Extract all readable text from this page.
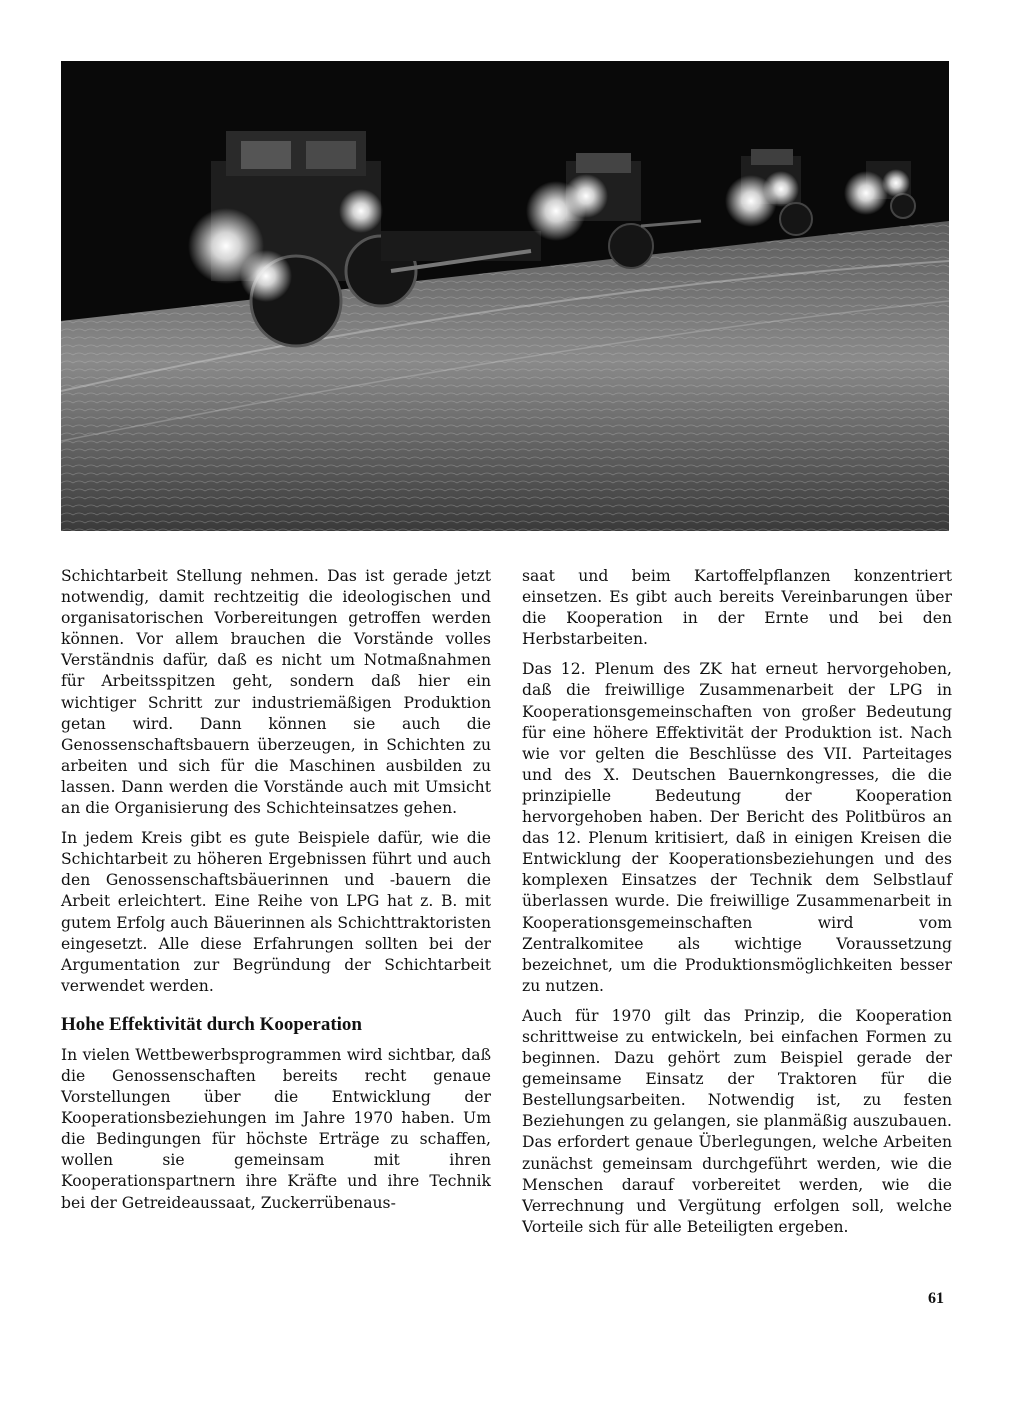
Schichtarbeit Stellung nehmen. Das ist gerade jetzt notwendig, damit rechtzeitig die ideologischen und organisatorischen Vorbereitungen getroffen werden können. Vor allem brauchen die Vorstände volles Verständnis dafür, daß es nicht um Notmaßnahmen für Arbeitsspitzen geht, sondern daß hier ein wichtiger Schritt zur industriemäßigen Produktion getan wird. Dann können sie auch die Genossenschaftsbauern überzeugen, in Schichten zu arbeiten und sich für die Maschinen ausbilden zu lassen. Dann werden die Vorstände auch mit Umsicht an die Organisierung des Schichteinsatzes gehen.

In jedem Kreis gibt es gute Beispiele dafür, wie die Schichtarbeit zu höheren Ergebnissen führt und auch den Genossenschaftsbäuerinnen und -bauern die Arbeit erleichtert. Eine Reihe von LPG hat z. B. mit gutem Erfolg auch Bäuerinnen als Schichttraktoristen eingesetzt. Alle diese Erfahrungen sollten bei der Argumentation zur Begründung der Schichtarbeit verwendet werden.

Hohe Effektivität durch Kooperation

In vielen Wettbewerbsprogrammen wird sichtbar, daß die Genossenschaften bereits recht genaue Vorstellungen über die Entwicklung der Kooperationsbeziehungen im Jahre 1970 haben. Um die Bedingungen für höchste Erträge zu schaffen, wollen sie gemeinsam mit ihren Kooperationspartnern ihre Kräfte und ihre Technik bei der Getreideaussaat, Zuckerrübenaus-

saat und beim Kartoffelpflanzen konzentriert einsetzen. Es gibt auch bereits Vereinbarungen über die Kooperation in der Ernte und bei den Herbstarbeiten.

Das 12. Plenum des ZK hat erneut hervorgehoben, daß die freiwillige Zusammenarbeit der LPG in Kooperationsgemeinschaften von großer Bedeutung für eine höhere Effektivität der Produktion ist. Nach wie vor gelten die Beschlüsse des VII. Parteitages und des X. Deutschen Bauernkongresses, die die prinzipielle Bedeutung der Kooperation hervorgehoben haben. Der Bericht des Politbüros an das 12. Plenum kritisiert, daß in einigen Kreisen die Entwicklung der Kooperationsbeziehungen und des komplexen Einsatzes der Technik dem Selbstlauf überlassen wurde. Die freiwillige Zusammenarbeit in Kooperationsgemeinschaften wird vom Zentralkomitee als wichtige Voraussetzung bezeichnet, um die Produktionsmöglichkeiten besser zu nutzen.

Auch für 1970 gilt das Prinzip, die Kooperation schrittweise zu entwickeln, bei einfachen Formen zu beginnen. Dazu gehört zum Beispiel gerade der gemeinsame Einsatz der Traktoren für die Bestellungsarbeiten. Notwendig ist, zu festen Beziehungen zu gelangen, sie planmäßig auszubauen. Das erfordert genaue Überlegungen, welche Arbeiten zunächst gemeinsam durchgeführt werden, wie die Menschen darauf vorbereitet werden, wie die Verrechnung und Vergütung erfolgen soll, welche Vorteile sich für alle Beteiligten ergeben.

61
